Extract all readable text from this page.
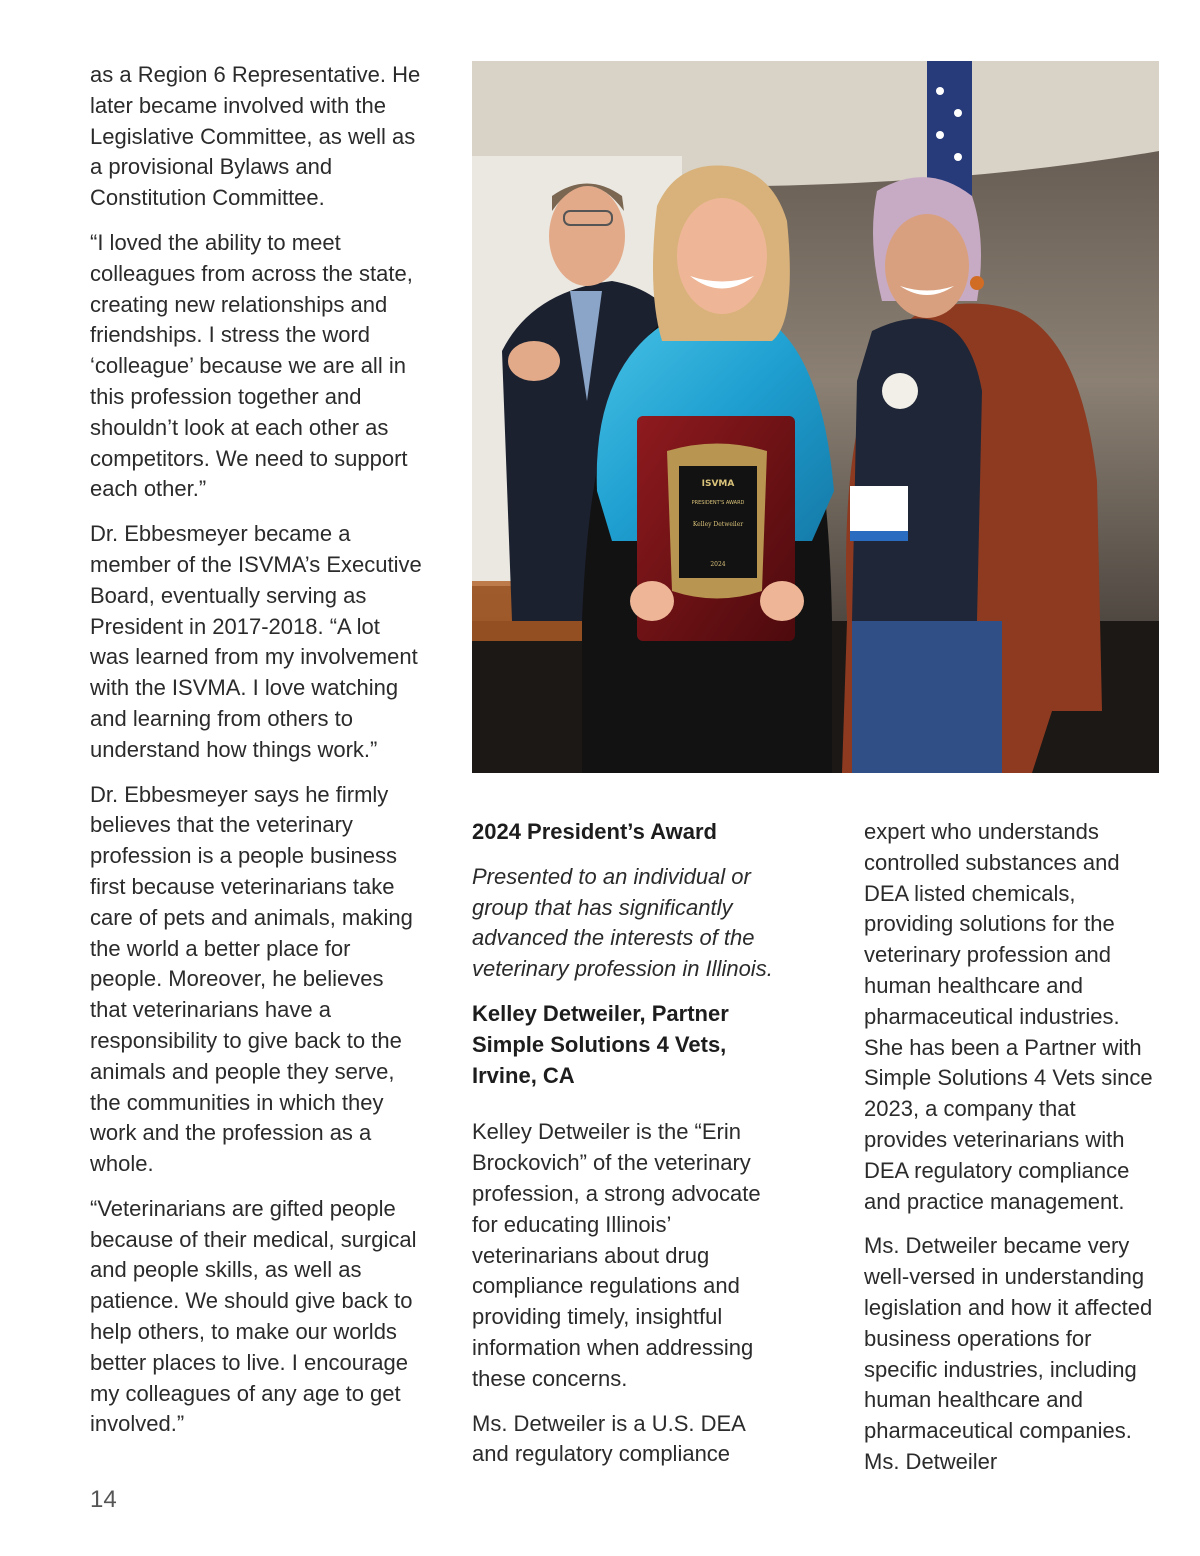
as a Region 6 Representative. He later became involved with the Legislative Committee, as well as a provisional Bylaws and Constitution Committee.

“I loved the ability to meet colleagues from across the state, creating new relationships and friendships. I stress the word ‘colleague’ because we are all in this profession together and shouldn’t look at each other as competitors. We need to support each other.”

Dr. Ebbesmeyer became a member of the ISVMA’s Executive Board, eventually serving as President in 2017-2018. “A lot was learned from my involvement with the ISVMA. I love watching and learning from others to understand how things work.”

Dr. Ebbesmeyer says he firmly believes that the veterinary profession is a people business first because veterinarians take care of pets and animals, making the world a better place for people. Moreover, he believes that veterinarians have a responsibility to give back to the animals and people they serve, the communities in which they work and the profession as a whole.

“Veterinarians are gifted people because of their medical, surgical and people skills, as well as patience. We should give back to help others, to make our worlds better places to live. I encourage my colleagues of any age to get involved.”

ISVMA
PRESIDENT'S AWARD
Kelley Detweiler
2024

2024 President’s Award

Presented to an individual or group that has significantly advanced the interests of the veterinary profession in Illinois.

Kelley Detweiler, Partner
Simple Solutions 4 Vets,
Irvine, CA

Kelley Detweiler is the “Erin Brockovich” of the veterinary profession, a strong advocate for educating Illinois’ veterinarians about drug compliance regulations and providing timely, insightful information when addressing these concerns.

Ms. Detweiler is a U.S. DEA and regulatory compliance

expert who understands controlled substances and DEA listed chemicals, providing solutions for the veterinary profession and human healthcare and pharmaceutical industries. She has been a Partner with Simple Solutions 4 Vets since 2023, a company that provides veterinarians with DEA regulatory compliance and practice management.

Ms. Detweiler became very well-versed in understanding legislation and how it affected business operations for specific industries, including human healthcare and pharmaceutical companies. Ms. Detweiler

14
